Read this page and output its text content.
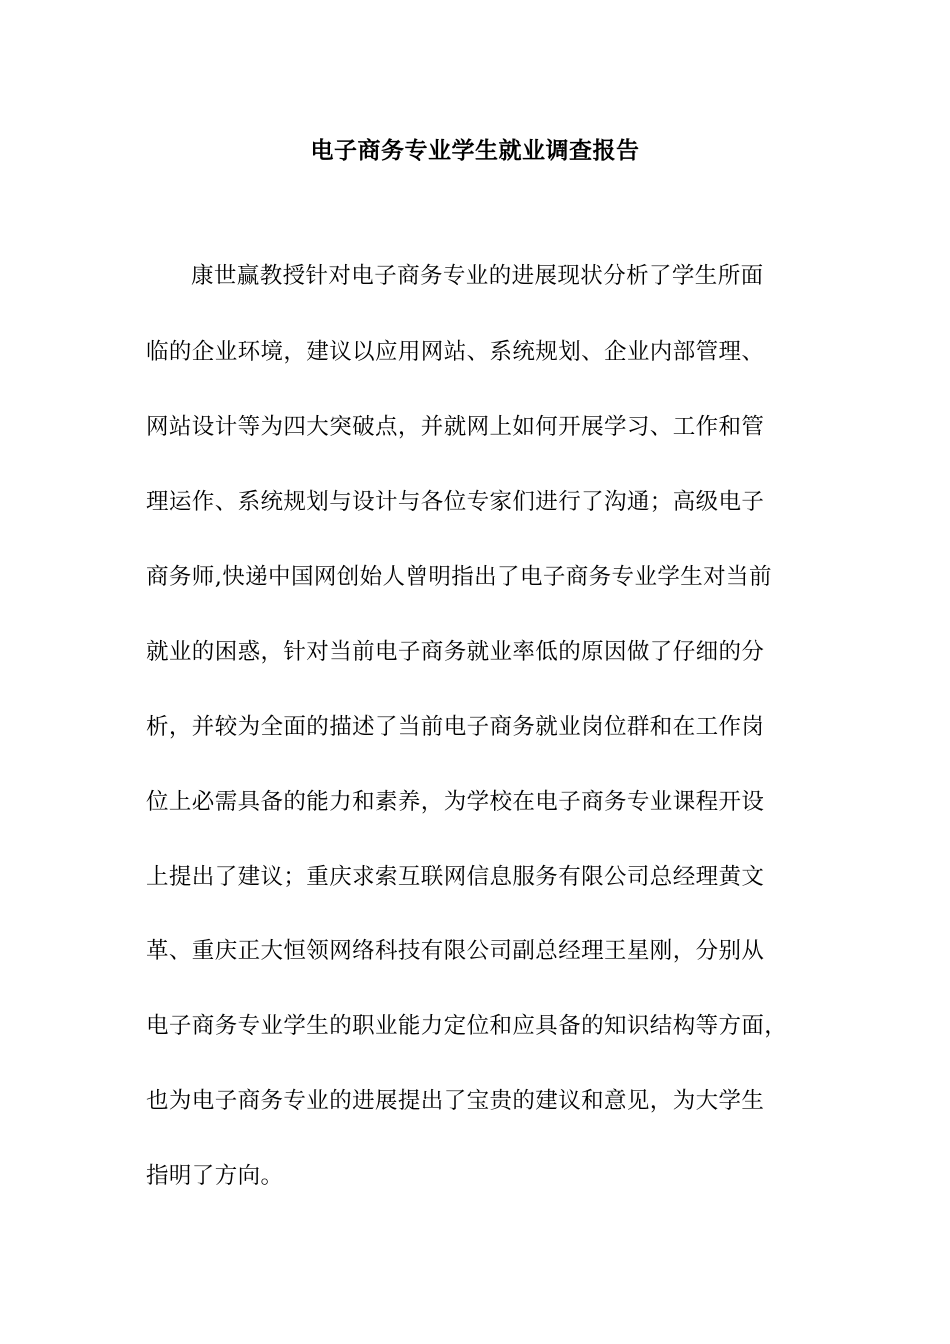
电子商务专业学生就业调查报告
康世赢教授针对电子商务专业的进展现状分析了学生所面
临的企业环境，建议以应用网站、系统规划、企业内部管理、
网站设计等为四大突破点，并就网上如何开展学习、工作和管
理运作、系统规划与设计与各位专家们进行了沟通；高级电子
商务师,快递中国网创始人曾明指出了电子商务专业学生对当前
就业的困惑，针对当前电子商务就业率低的原因做了仔细的分
析，并较为全面的描述了当前电子商务就业岗位群和在工作岗
位上必需具备的能力和素养，为学校在电子商务专业课程开设
上提出了建议；重庆求索互联网信息服务有限公司总经理黄文
革、重庆正大恒领网络科技有限公司副总经理王星刚，分别从
电子商务专业学生的职业能力定位和应具备的知识结构等方面，
也为电子商务专业的进展提出了宝贵的建议和意见，为大学生
指明了方向。
